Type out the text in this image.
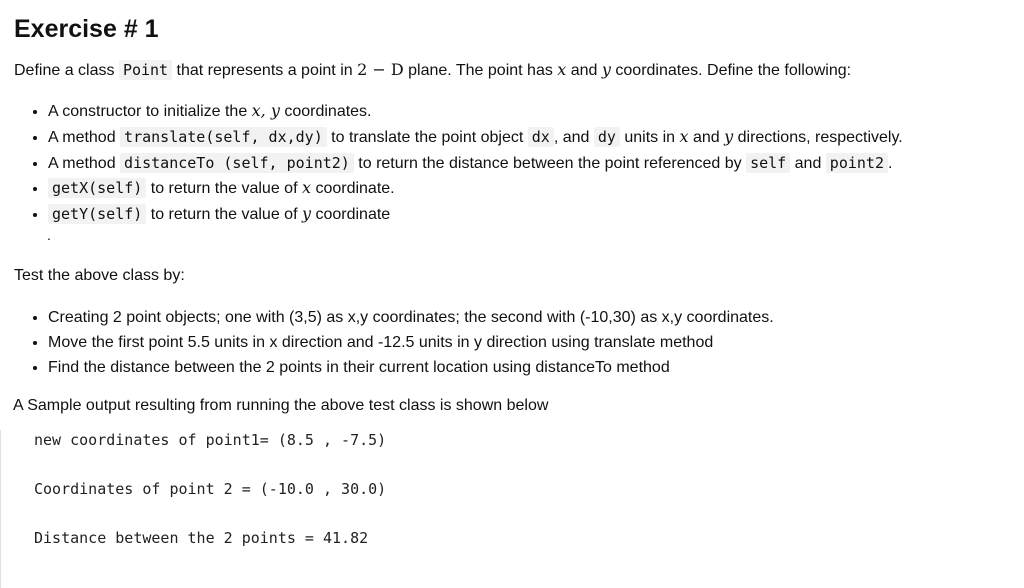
Exercise # 1
Define a class Point that represents a point in 2 − D plane. The point has x and y coordinates. Define the following:
• A constructor to initialize the x, y coordinates.
• A method translate(self, dx,dy) to translate the point object dx , and dy units in x and y directions, respectively.
• A method distanceTo (self, point2) to return the distance between the point referenced by self and point2 .
• getX(self) to return the value of x coordinate.
• getY(self) to return the value of y coordinate
.
Test the above class by:
• Creating 2 point objects; one with (3,5) as x,y coordinates; the second with (-10,30) as x,y coordinates.
• Move the first point 5.5 units in x direction and -12.5 units in y direction using translate method
• Find the distance between the 2 points in their current location using distanceTo method
A Sample output resulting from running the above test class is shown below
new coordinates of point1= (8.5 , -7.5)
Coordinates of point 2 = (-10.0 , 30.0)
Distance between the 2 points = 41.82
